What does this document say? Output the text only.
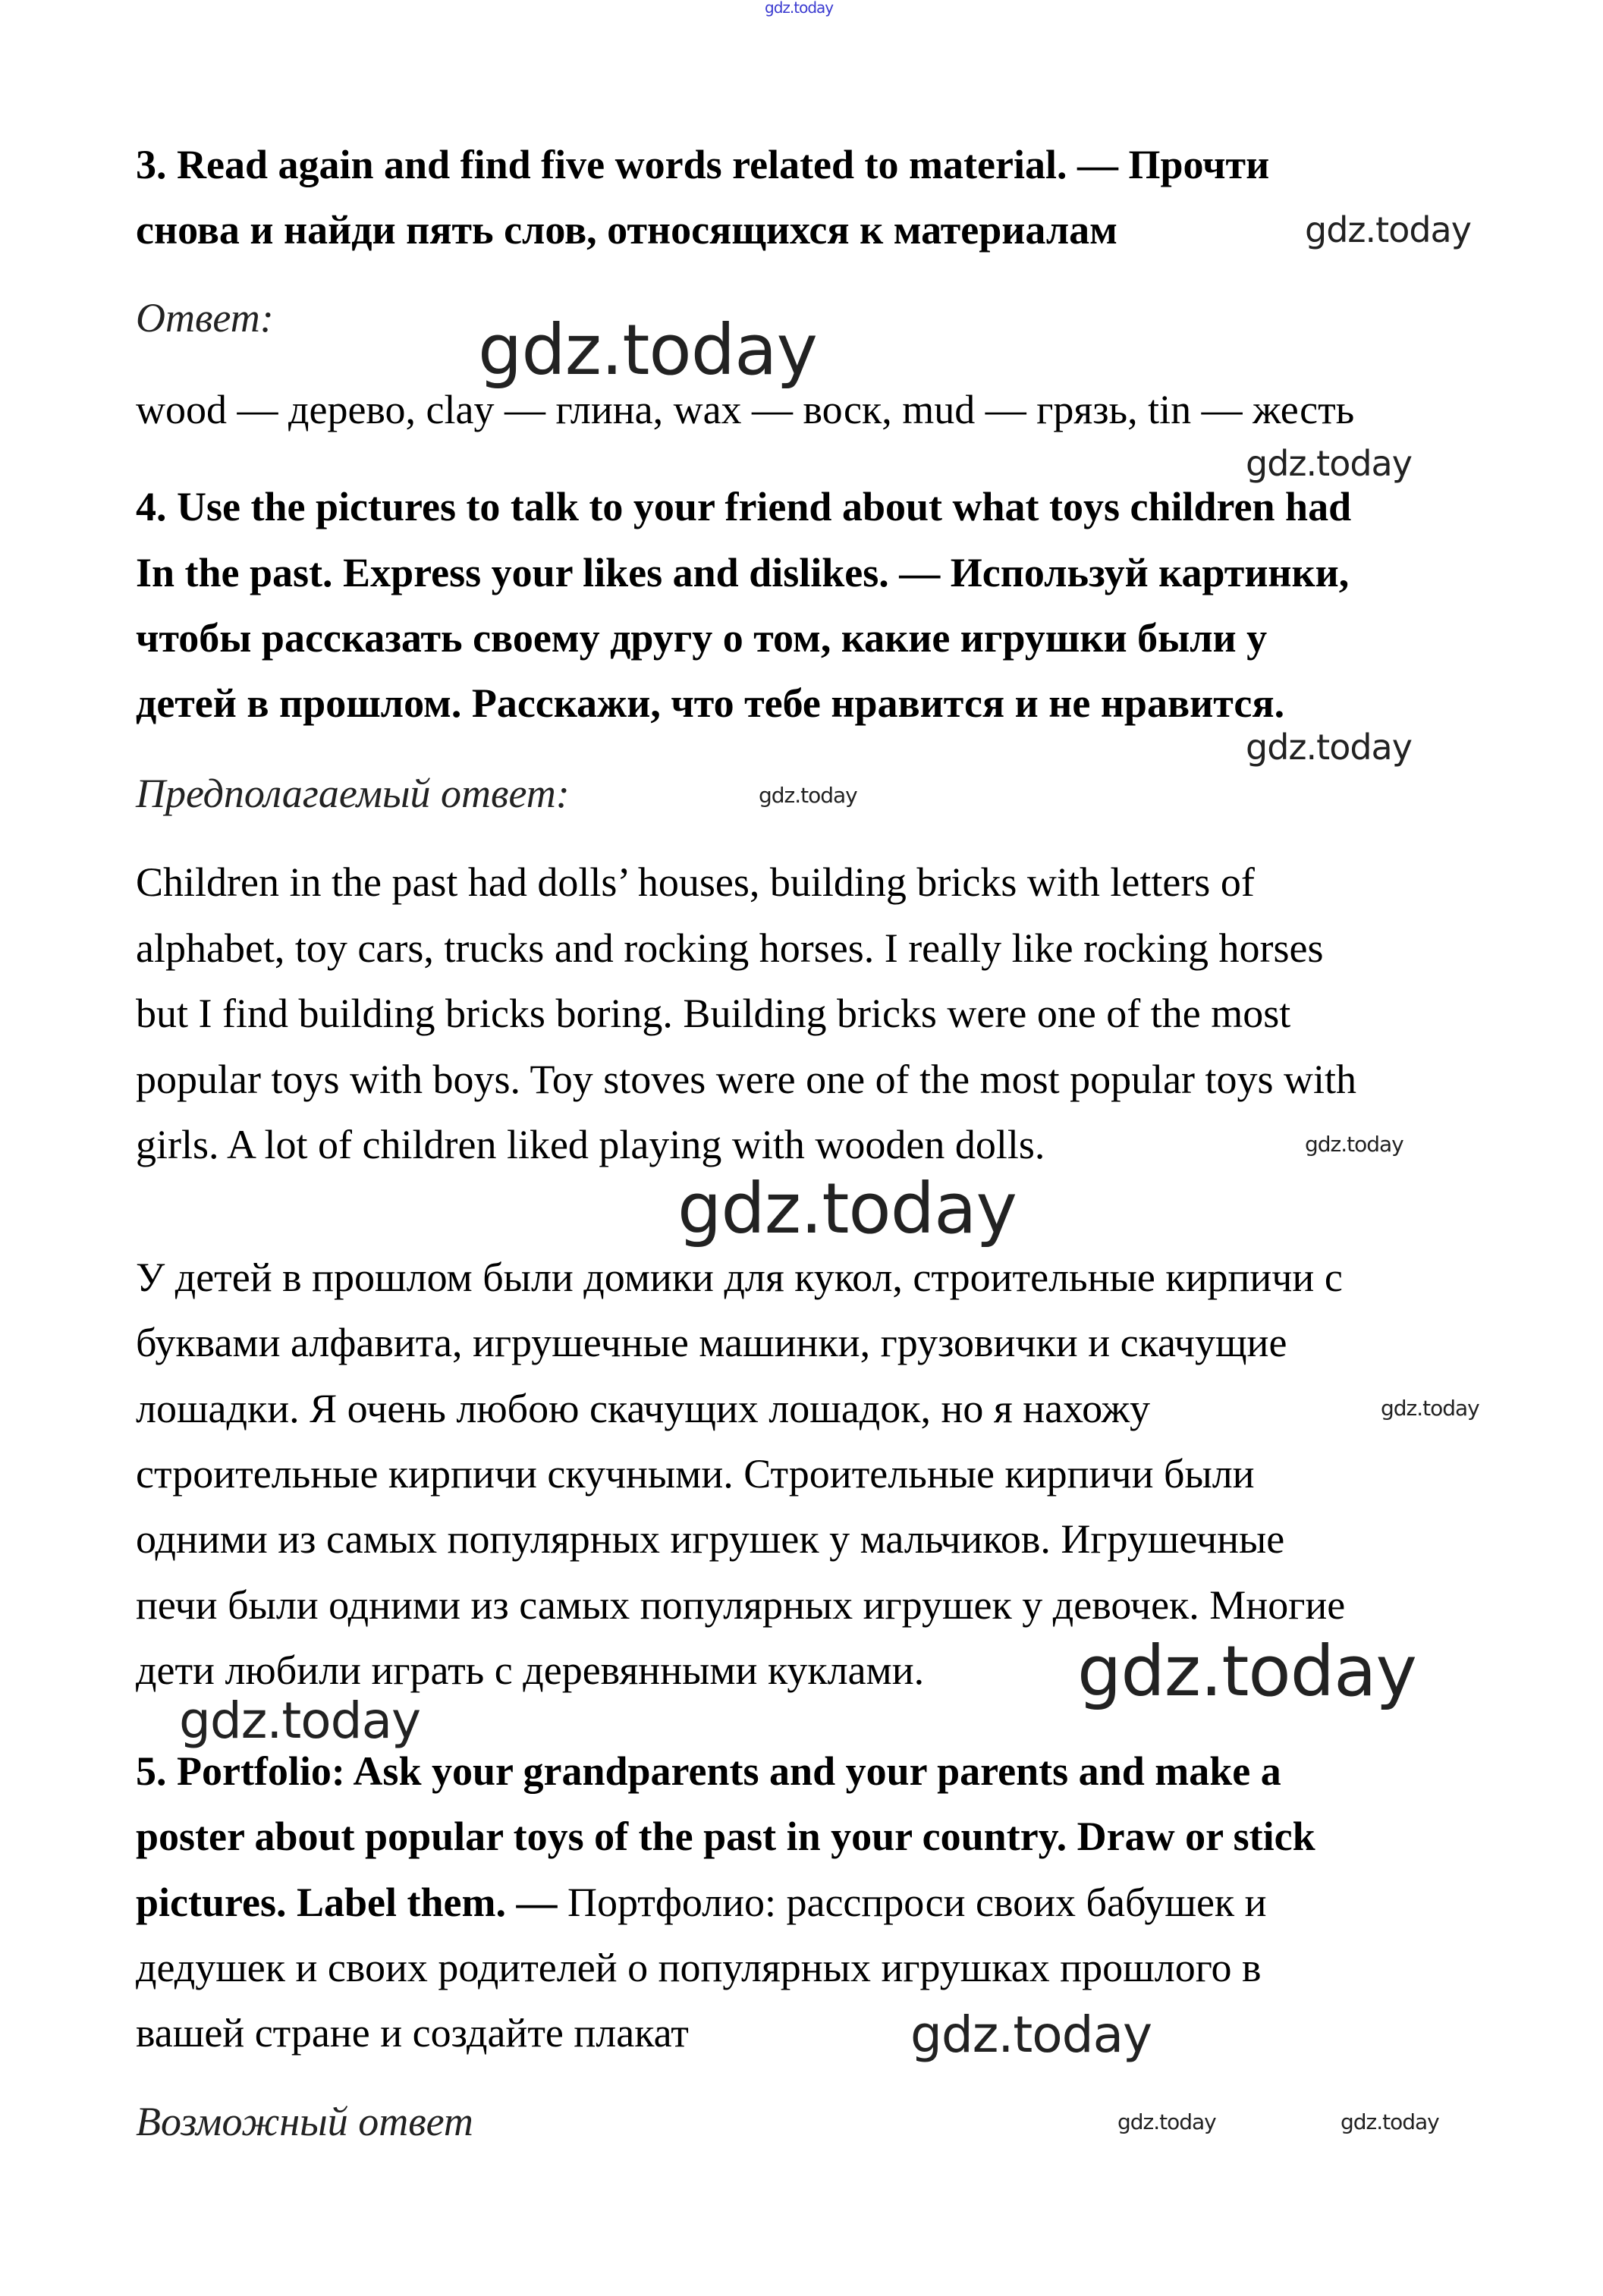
gdz.today
3. Read again and find five words related to material. — Прочти
снова и найди пять слов, относящихся к материалам	gdz.today
Ответ:	gdz.today
wood — дерево, clay — глина, wax — воск, mud — грязь, tin — жесть
gdz.today
4. Use the pictures to talk to your friend about what toys children had
In the past. Express your likes and dislikes. — Используй картинки,
чтобы рассказать своему другу о том, какие игрушки были у
детей в прошлом. Расскажи, что тебе нравится и не нравится.
gdz.today
Предполагаемый ответ:	gdz.today
Children in the past had dolls’ houses, building bricks with letters of
alphabet, toy cars, trucks and rocking horses. I really like rocking horses
but I find building bricks boring. Building bricks were one of the most
popular toys with boys. Toy stoves were one of the most popular toys with
girls. A lot of children liked playing with wooden dolls.	gdz.today
gdz.today
У детей в прошлом были домики для кукол, строительные кирпичи с
буквами алфавита, игрушечные машинки, грузовички и скачущие
лошадки. Я очень любою скачущих лошадок, но я нахожу	gdz.today
строительные кирпичи скучными. Строительные кирпичи были
одними из самых популярных игрушек у мальчиков. Игрушечные
печи были одними из самых популярных игрушек у девочек. Многие
дети любили играть с деревянными куклами. gdz.today
gdz.today
5. Portfolio: Ask your grandparents and your parents and make a
poster about popular toys of the past in your country. Draw or stick
pictures. Label them. — Портфолио: расспроси своих бабушек и
дедушек и своих родителей о популярных игрушках прошлого в
вашей стране и создайте плакат	gdz.today
Возможный ответ	gdz.today	gdz.today
